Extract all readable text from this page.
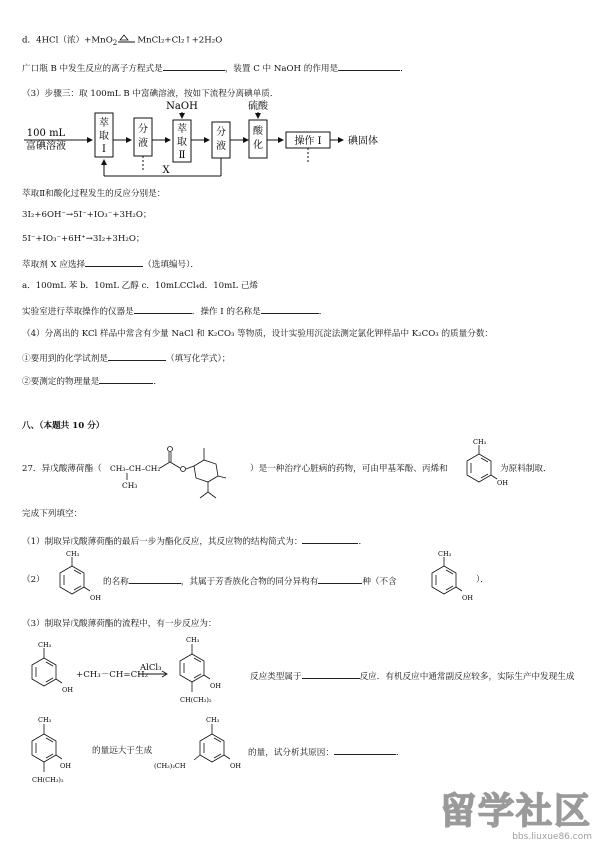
d．4HCl（浓）+MnO$_2$ MnCl₂+Cl₂↑+2H₂O
广口瓶 B 中发生反应的离子方程式是	，装置 C 中 NaOH 的作用是	．
（3）步骤三：取 100mL B 中富碘溶液，按如下流程分离碘单质．
100 mL
富碘溶液
萃
取
Ⅰ
分
液
NaOH
萃
取
Ⅱ
分
液
硫酸
酸
化	操作 Ⅰ	碘固体
X
萃取Ⅱ和酸化过程发生的反应分别是：
3I₂+6OH⁻→5I⁻+IO₃⁻+3H₂O；
5I⁻+IO₃⁻+6H⁺→3I₂+3H₂O；
萃取剂 X 应选择	（选填编号）．
a．100mL 苯 b．10mL 乙醇 c．10mLCCl₄d．10mL 己烯
实验室进行萃取操作的仪器是	．操作 Ⅰ 的名称是	．
（4）分离出的 KCl 样品中常含有少量 NaCl 和 K₂CO₃ 等物质，设计实验用沉淀法测定氯化钾样品中 K₂CO₃ 的质量分数：
①要用到的化学试剂是	（填写化学式）；
②要测定的物理量是	．
八、（本题共 10 分）
27．异戊酸薄荷酯（ CH₃–CH–CH₂
CH₃
）是一种治疗心脏病的药物，可由甲基苯酚、丙烯和
CH₃
OH
为原料制取．
完成下列填空：
（1）制取异戊酸薄荷酯的最后一步为酯化反应，其反应物的结构简式为：	．
（2）
CH₃
OH
的名称	，其属于芳香族化合物的同分异构有	种（不含
CH₃
OH
）．
（3）制取异戊酸薄荷酯的流程中，有一步反应为：
CH₃
OH
+CH₃－CH=CH₂
AlCl₃
CH₃
OH
CH(CH₃)₂
反应类型属于	反应．有机反应中通常副反应较多，实际生产中发现生成
CH₃
OH
CH(CH₃)₂
的量远大于生成
CH₃
OH
(CH₃)₂CH
的量，试分析其原因：	．
留学社区
bbs.liuxue86.com
